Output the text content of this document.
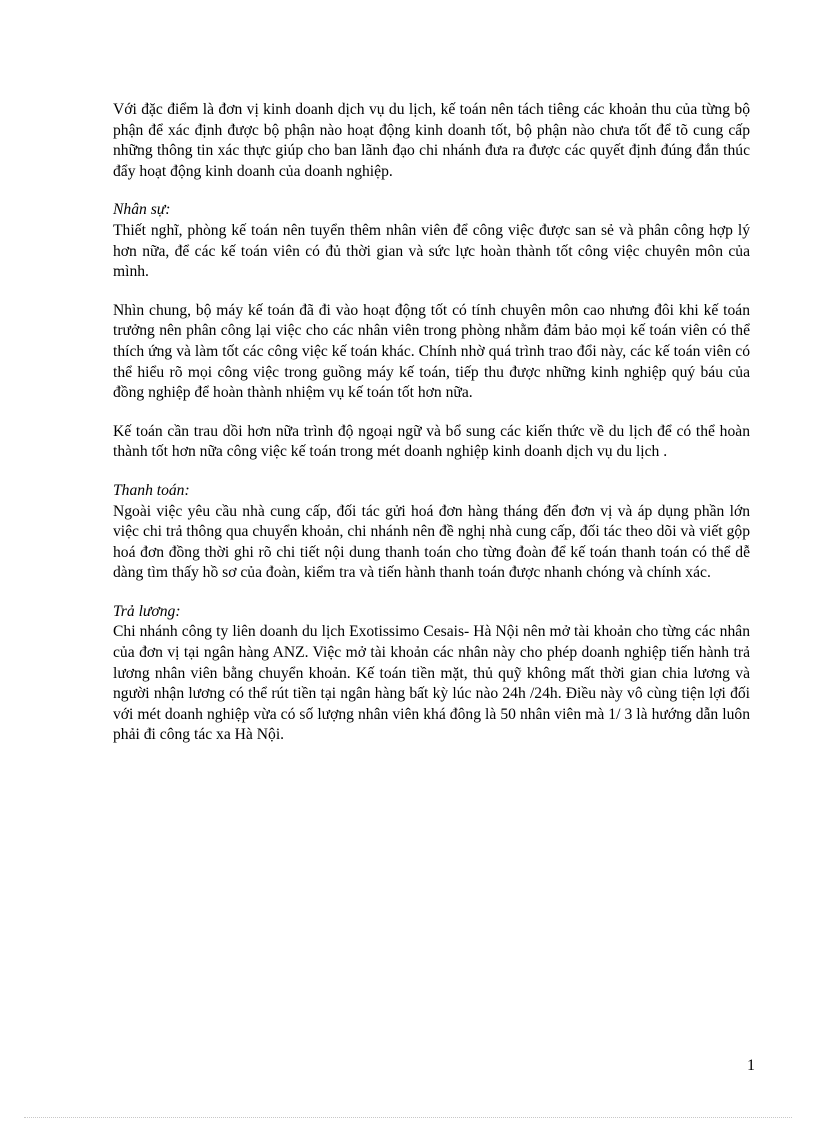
Với đặc điểm là đơn vị kinh doanh dịch vụ du lịch, kế toán nên tách tiêng các khoản thu của từng bộ phận để xác định được bộ phận nào hoạt động kinh doanh tốt, bộ phận nào chưa tốt để tõ cung cấp những thông tin xác thực giúp cho ban lãnh đạo chi nhánh đưa ra được các quyết định đúng đắn thúc đẩy hoạt động kinh doanh của doanh nghiệp.

Nhân sự:

Thiết nghĩ, phòng kế toán nên tuyển thêm nhân viên để công việc được san sẻ và phân công hợp lý hơn nữa, để các kế toán viên có đủ thời gian và sức lực hoàn thành tốt công việc chuyên môn của mình.

Nhìn chung, bộ máy kế toán đã đi vào hoạt động tốt có tính chuyên môn cao nhưng đôi khi kế toán trưởng nên phân công lại việc cho các nhân viên trong phòng nhằm đảm bảo mọi kế toán viên có thể thích ứng và làm tốt các công việc kế toán khác. Chính nhờ quá trình trao đổi này, các kế toán viên có thể hiểu rõ mọi công việc trong guồng máy kế toán, tiếp thu được những kinh nghiệp quý báu của đồng nghiệp để hoàn thành nhiệm vụ kế toán tốt hơn nữa.

Kế toán cần trau dồi hơn nữa trình độ ngoại ngữ và bổ sung các kiến thức về du lịch để có thể hoàn thành tốt hơn nữa công việc kế toán trong mét doanh nghiệp kinh doanh dịch vụ du lịch .

Thanh toán:

Ngoài việc yêu cầu nhà cung cấp, đối tác gửi hoá đơn hàng tháng đến đơn vị và áp dụng phần lớn việc chi trả thông qua chuyển khoản, chi nhánh nên đề nghị nhà cung cấp, đối tác theo dõi và viết gộp hoá đơn đồng thời ghi rõ chi tiết nội dung thanh toán cho từng đoàn để kế toán thanh toán có thể dễ dàng tìm thấy hồ sơ của đoàn, kiểm tra và tiến hành thanh toán được nhanh chóng và chính xác.

Trả lương:

Chi nhánh công ty liên doanh du lịch Exotissimo Cesais- Hà Nội nên mở tài khoản cho từng các nhân của đơn vị tại ngân hàng ANZ. Việc mở tài khoản các nhân này cho phép doanh nghiệp tiến hành trả lương nhân viên bằng chuyển khoản. Kế toán tiền mặt, thủ quỹ không mất thời gian chia lương và người nhận lương có thể rút tiền tại ngân hàng bất kỳ lúc nào 24h /24h. Điều này vô cùng tiện lợi đối với mét doanh nghiệp vừa có số lượng nhân viên khá đông là 50 nhân viên mà 1/ 3 là hướng dẫn luôn phải đi công tác xa Hà Nội.

1
